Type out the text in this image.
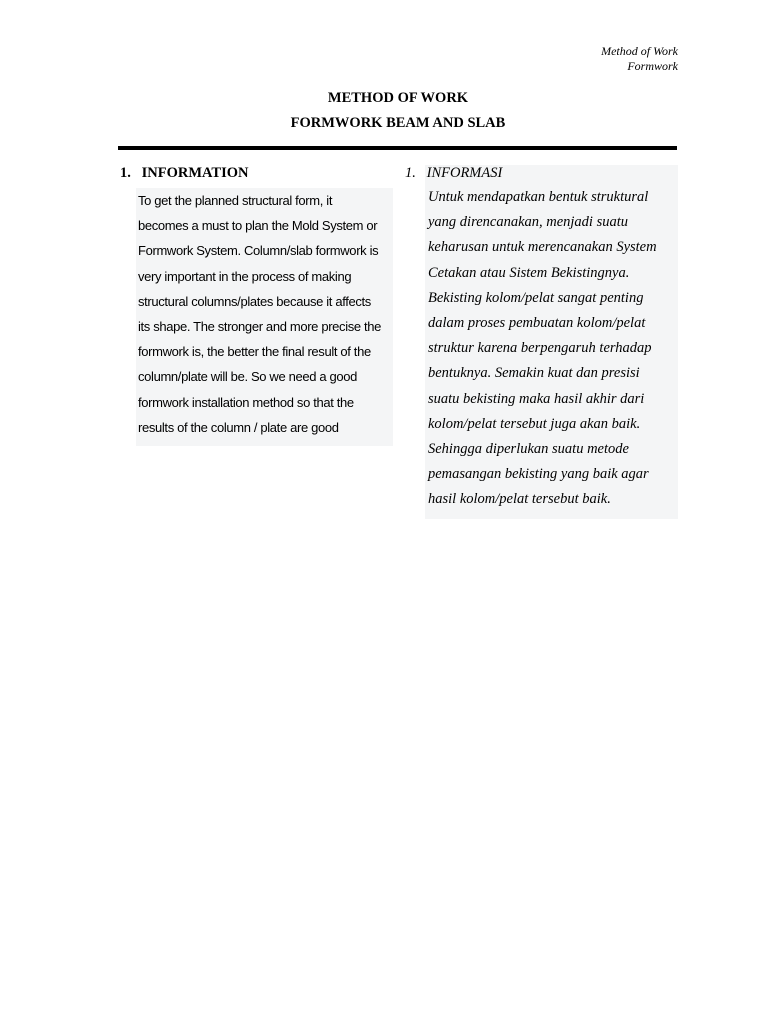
Method of Work
Formwork
METHOD OF WORK
FORMWORK BEAM AND SLAB
1. INFORMATION	1. INFORMASI
To get the planned structural form, it
becomes a must to plan the Mold System or
Formwork System. Column/slab formwork is
very important in the process of making
structural columns/plates because it affects
its shape. The stronger and more precise the
formwork is, the better the final result of the
column/plate will be. So we need a good
formwork installation method so that the
results of the column / plate are good
Untuk mendapatkan bentuk struktural
yang direncanakan, menjadi suatu
keharusan untuk merencanakan System
Cetakan atau Sistem Bekistingnya.
Bekisting kolom/pelat sangat penting
dalam proses pembuatan kolom/pelat
struktur karena berpengaruh terhadap
bentuknya. Semakin kuat dan presisi
suatu bekisting maka hasil akhir dari
kolom/pelat tersebut juga akan baik.
Sehingga diperlukan suatu metode
pemasangan bekisting yang baik agar
hasil kolom/pelat tersebut baik.
